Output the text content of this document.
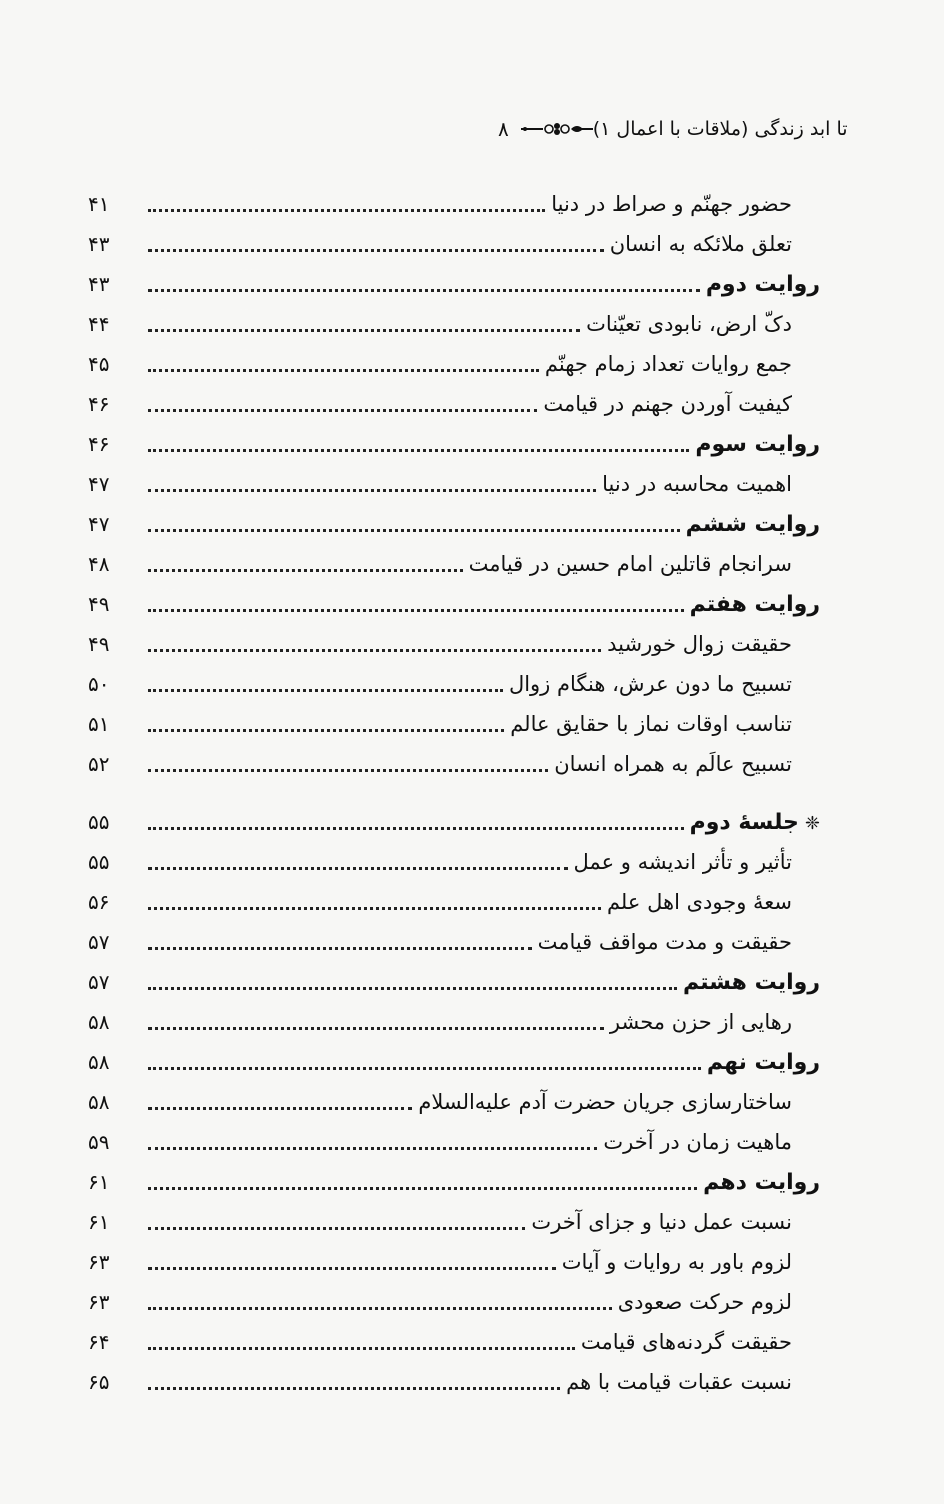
۸	تا ابد زندگی (ملاقات با اعمال ۱)
۴۱	حضور جهنّم و صراط در دنیا
۴۳	تعلق ملائکه به انسان
۴۳	روایت دوم
۴۴	دکّ ارض، نابودی تعیّنات
۴۵	جمع روایات تعداد زمام جهنّم
۴۶	کیفیت آوردن جهنم در قیامت
۴۶	روایت سوم
۴۷	اهمیت محاسبه در دنیا
۴۷	روایت ششم
۴۸	سرانجام قاتلین امام حسین در قیامت
۴۹	روایت هفتم
۴۹	حقیقت زوال خورشید
۵۰	تسبیح ما دون عرش، هنگام زوال
۵۱	تناسب اوقات نماز با حقایق عالم
۵۲	تسبیح عالَم به همراه انسان
۵۵	❈جلسهٔ دوم
۵۵	تأثیر و تأثر اندیشه و عمل
۵۶	سعهٔ وجودی اهل علم
۵۷	حقیقت و مدت مواقف قیامت
۵۷	روایت هشتم
۵۸	رهایی از حزن محشر
۵۸	روایت نهم
۵۸	ساختارسازی جریان حضرت آدم علیه‌السلام
۵۹	ماهیت زمان در آخرت
۶۱	روایت دهم
۶۱	نسبت عمل دنیا و جزای آخرت
۶۳	لزوم باور به روایات و آیات
۶۳	لزوم حرکت صعودی
۶۴	حقیقت گردنه‌های قیامت
۶۵	نسبت عقبات قیامت با هم
